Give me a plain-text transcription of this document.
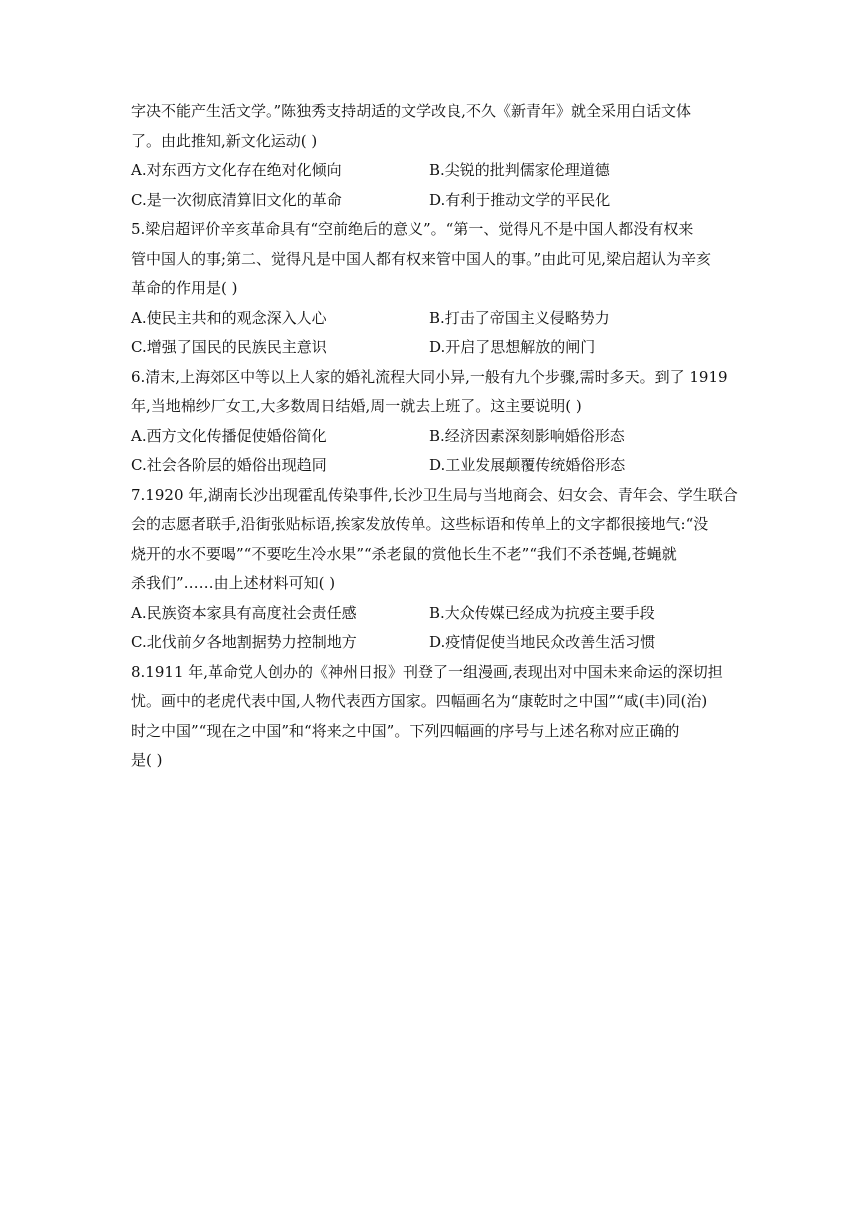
字决不能产生活文学。”陈独秀支持胡适的文学改良,不久《新青年》就全采用白话文体
了。由此推知,新文化运动( )
A.对东西方文化存在绝对化倾向	B.尖锐的批判儒家伦理道德
C.是一次彻底清算旧文化的革命	D.有利于推动文学的平民化
5.梁启超评价辛亥革命具有“空前绝后的意义”。“第一、觉得凡不是中国人都没有权来
管中国人的事;第二、觉得凡是中国人都有权来管中国人的事。”由此可见,梁启超认为辛亥
革命的作用是( )
A.使民主共和的观念深入人心	B.打击了帝国主义侵略势力
C.增强了国民的民族民主意识	D.开启了思想解放的闸门
6.清末,上海郊区中等以上人家的婚礼流程大同小异,一般有九个步骤,需时多天。到了 1919
年,当地棉纱厂女工,大多数周日结婚,周一就去上班了。这主要说明( )
A.西方文化传播促使婚俗简化	B.经济因素深刻影响婚俗形态
C.社会各阶层的婚俗出现趋同	D.工业发展颠覆传统婚俗形态
7.1920 年,湖南长沙出现霍乱传染事件,长沙卫生局与当地商会、妇女会、青年会、学生联合
会的志愿者联手,沿街张贴标语,挨家发放传单。这些标语和传单上的文字都很接地气:“没
烧开的水不要喝”“不要吃生冷水果”“杀老鼠的赏他长生不老”“我们不杀苍蝇,苍蝇就
杀我们”……由上述材料可知( )
A.民族资本家具有高度社会责任感	B.大众传媒已经成为抗疫主要手段
C.北伐前夕各地割据势力控制地方	D.疫情促使当地民众改善生活习惯
8.1911 年,革命党人创办的《神州日报》刊登了一组漫画,表现出对中国未来命运的深切担
忧。画中的老虎代表中国,人物代表西方国家。四幅画名为“康乾时之中国”“咸(丰)同(治)
时之中国”“现在之中国”和“将来之中国”。下列四幅画的序号与上述名称对应正确的
是( )
